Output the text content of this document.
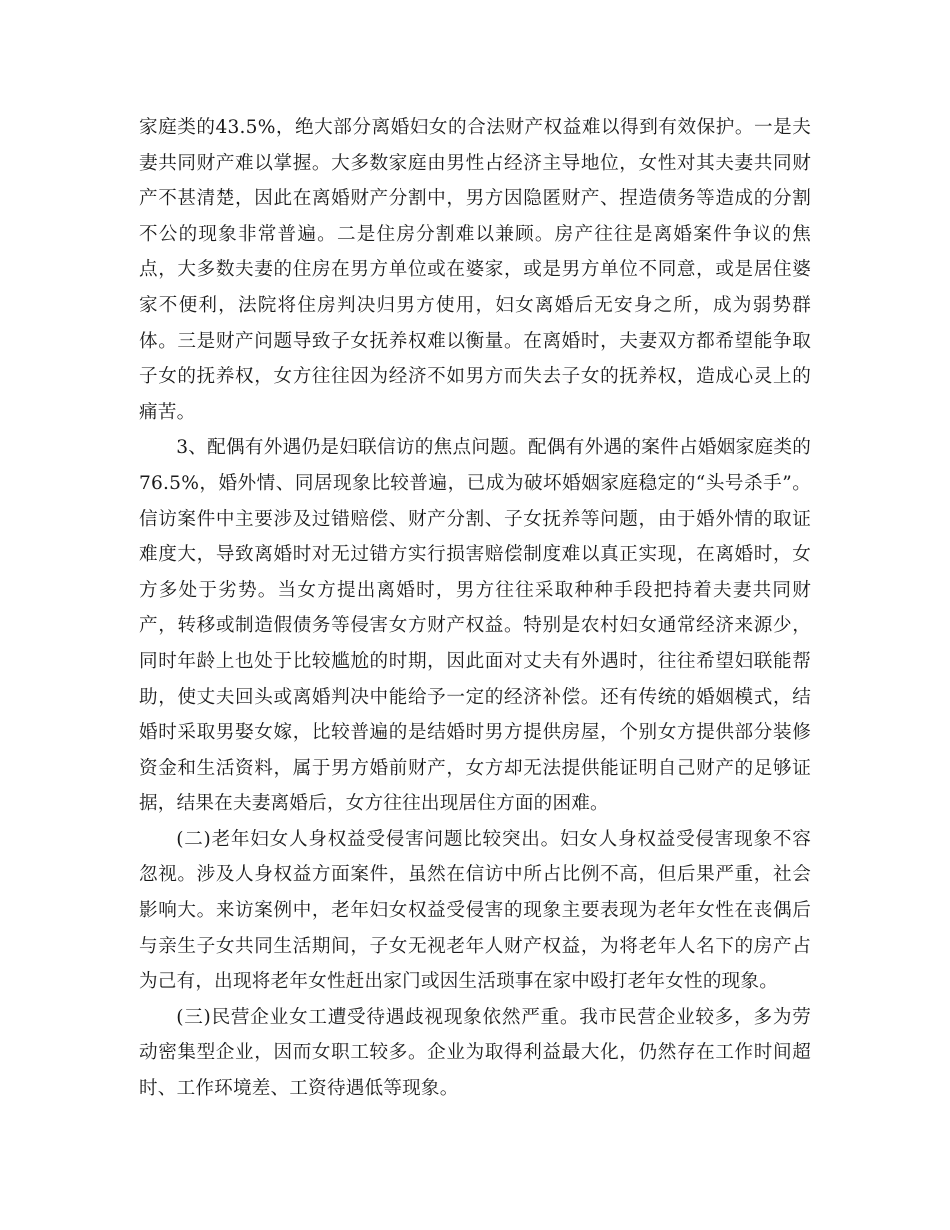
家庭类的43.5%，绝大部分离婚妇女的合法财产权益难以得到有效保护。一是夫妻共同财产难以掌握。大多数家庭由男性占经济主导地位，女性对其夫妻共同财产不甚清楚，因此在离婚财产分割中，男方因隐匿财产、捏造债务等造成的分割不公的现象非常普遍。二是住房分割难以兼顾。房产往往是离婚案件争议的焦点，大多数夫妻的住房在男方单位或在婆家，或是男方单位不同意，或是居住婆家不便利，法院将住房判决归男方使用，妇女离婚后无安身之所，成为弱势群体。三是财产问题导致子女抚养权难以衡量。在离婚时，夫妻双方都希望能争取子女的抚养权，女方往往因为经济不如男方而失去子女的抚养权，造成心灵上的痛苦。

3、配偶有外遇仍是妇联信访的焦点问题。配偶有外遇的案件占婚姻家庭类的76.5%，婚外情、同居现象比较普遍，已成为破坏婚姻家庭稳定的“头号杀手”。信访案件中主要涉及过错赔偿、财产分割、子女抚养等问题，由于婚外情的取证难度大，导致离婚时对无过错方实行损害赔偿制度难以真正实现，在离婚时，女方多处于劣势。当女方提出离婚时，男方往往采取种种手段把持着夫妻共同财产，转移或制造假债务等侵害女方财产权益。特别是农村妇女通常经济来源少，同时年龄上也处于比较尴尬的时期，因此面对丈夫有外遇时，往往希望妇联能帮助，使丈夫回头或离婚判决中能给予一定的经济补偿。还有传统的婚姻模式，结婚时采取男娶女嫁，比较普遍的是结婚时男方提供房屋，个别女方提供部分装修资金和生活资料，属于男方婚前财产，女方却无法提供能证明自己财产的足够证据，结果在夫妻离婚后，女方往往出现居住方面的困难。

(二)老年妇女人身权益受侵害问题比较突出。妇女人身权益受侵害现象不容忽视。涉及人身权益方面案件，虽然在信访中所占比例不高，但后果严重，社会影响大。来访案例中，老年妇女权益受侵害的现象主要表现为老年女性在丧偶后与亲生子女共同生活期间，子女无视老年人财产权益，为将老年人名下的房产占为己有，出现将老年女性赶出家门或因生活琐事在家中殴打老年女性的现象。

(三)民营企业女工遭受待遇歧视现象依然严重。我市民营企业较多，多为劳动密集型企业，因而女职工较多。企业为取得利益最大化，仍然存在工作时间超时、工作环境差、工资待遇低等现象。
